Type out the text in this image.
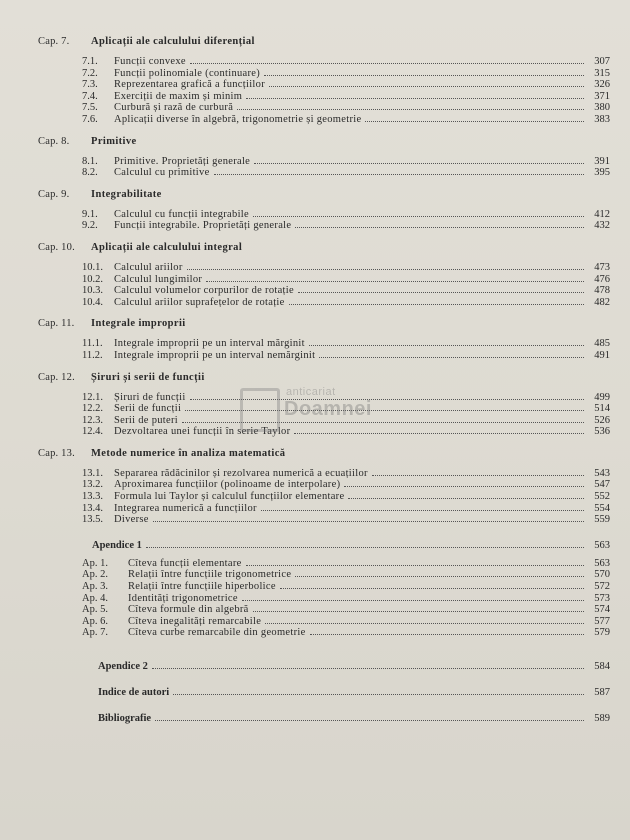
Cap. 7.	Aplicații ale calculului diferențial
7.1.	Funcții convexe	307
7.2.	Funcții polinomiale (continuare)	315
7.3.	Reprezentarea grafică a funcțiilor	326
7.4.	Exerciții de maxim și minim	371
7.5.	Curbură și rază de curbură	380
7.6.	Aplicații diverse în algebră, trigonometrie și geometrie	383
Cap. 8.	Primitive
8.1.	Primitive. Proprietăți generale	391
8.2.	Calculul cu primitive	395
Cap. 9.	Integrabilitate
9.1.	Calculul cu funcții integrabile	412
9.2.	Funcții integrabile. Proprietăți generale	432
Cap. 10.	Aplicații ale calculului integral
10.1.	Calculul ariilor	473
10.2.	Calculul lungimilor	476
10.3.	Calculul volumelor corpurilor de rotație	478
10.4.	Calculul ariilor suprafețelor de rotație	482
Cap. 11.	Integrale improprii
11.1.	Integrale improprii pe un interval mărginit	485
11.2.	Integrale improprii pe un interval nemărginit	491
Cap. 12.	Șiruri și serii de funcții
12.1.	Șiruri de funcții	499
12.2.	Serii de funcții	514
12.3.	Serii de puteri	526
12.4.	Dezvoltarea unei funcții în serie Taylor	536
Cap. 13.	Metode numerice în analiza matematică
13.1.	Separarea rădăcinilor și rezolvarea numerică a ecuațiilor	543
13.2.	Aproximarea funcțiilor (polinoame de interpolare)	547
13.3.	Formula lui Taylor și calculul funcțiilor elementare	552
13.4.	Integrarea numerică a funcțiilor	554
13.5.	Diverse	559
Apendice 1	563
Ap. 1.	Cîteva funcții elementare	563
Ap. 2.	Relații între funcțiile trigonometrice	570
Ap. 3.	Relații între funcțiile hiperbolice	572
Ap. 4.	Identități trigonometrice	573
Ap. 5.	Cîteva formule din algebră	574
Ap. 6.	Cîteva inegalități remarcabile	577
Ap. 7.	Cîteva curbe remarcabile din geometrie	579
Apendice 2	584
Indice de autori	587
Bibliografie	589
anticariat
Doamnei
